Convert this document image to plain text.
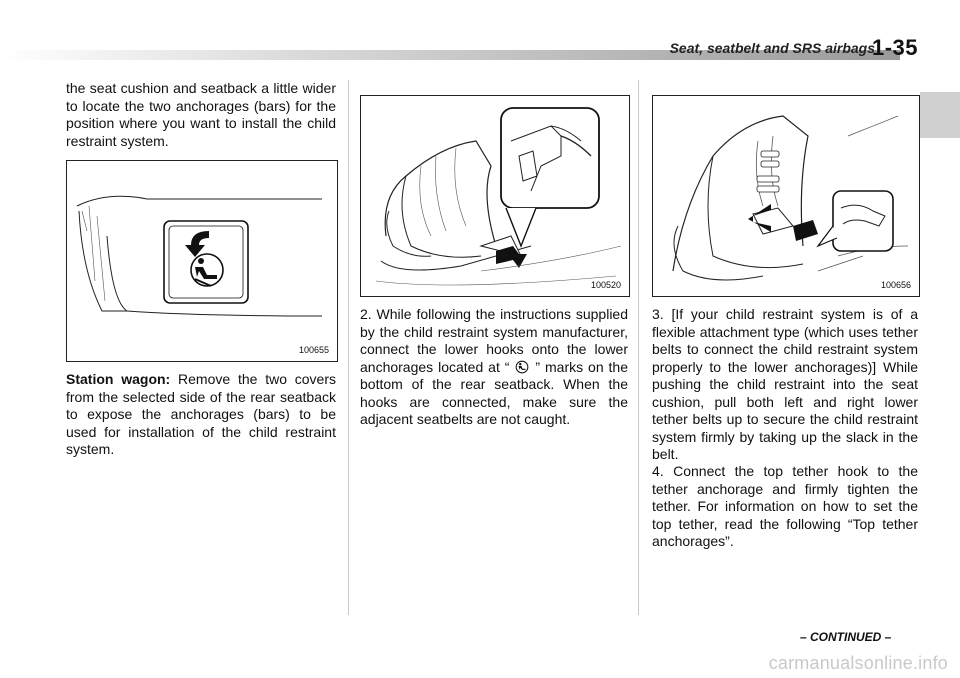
Seat, seatbelt and SRS airbags
1-35
the seat cushion and seatback a little wider to locate the two anchorages (bars) for the position where you want to install the child restraint system.
100655
Station wagon: Remove the two covers from the selected side of the rear seatback to expose the anchorages (bars) to be used for installation of the child restraint system.
100520
2. While following the instructions supplied by the child restraint system manufacturer, connect the lower hooks onto the lower anchorages located at “ ” marks on the bottom of the rear seatback. When the hooks are connected, make sure the adjacent seatbelts are not caught.
100656
3. [If your child restraint system is of a flexible attachment type (which uses tether belts to connect the child restraint system properly to the lower anchorages)] While pushing the child restraint into the seat cushion, pull both left and right lower tether belts up to secure the child restraint system firmly by taking up the slack in the belt.
4. Connect the top tether hook to the tether anchorage and firmly tighten the tether. For information on how to set the top tether, read the following “Top tether anchorages”.
– CONTINUED –
carmanualsonline.info
